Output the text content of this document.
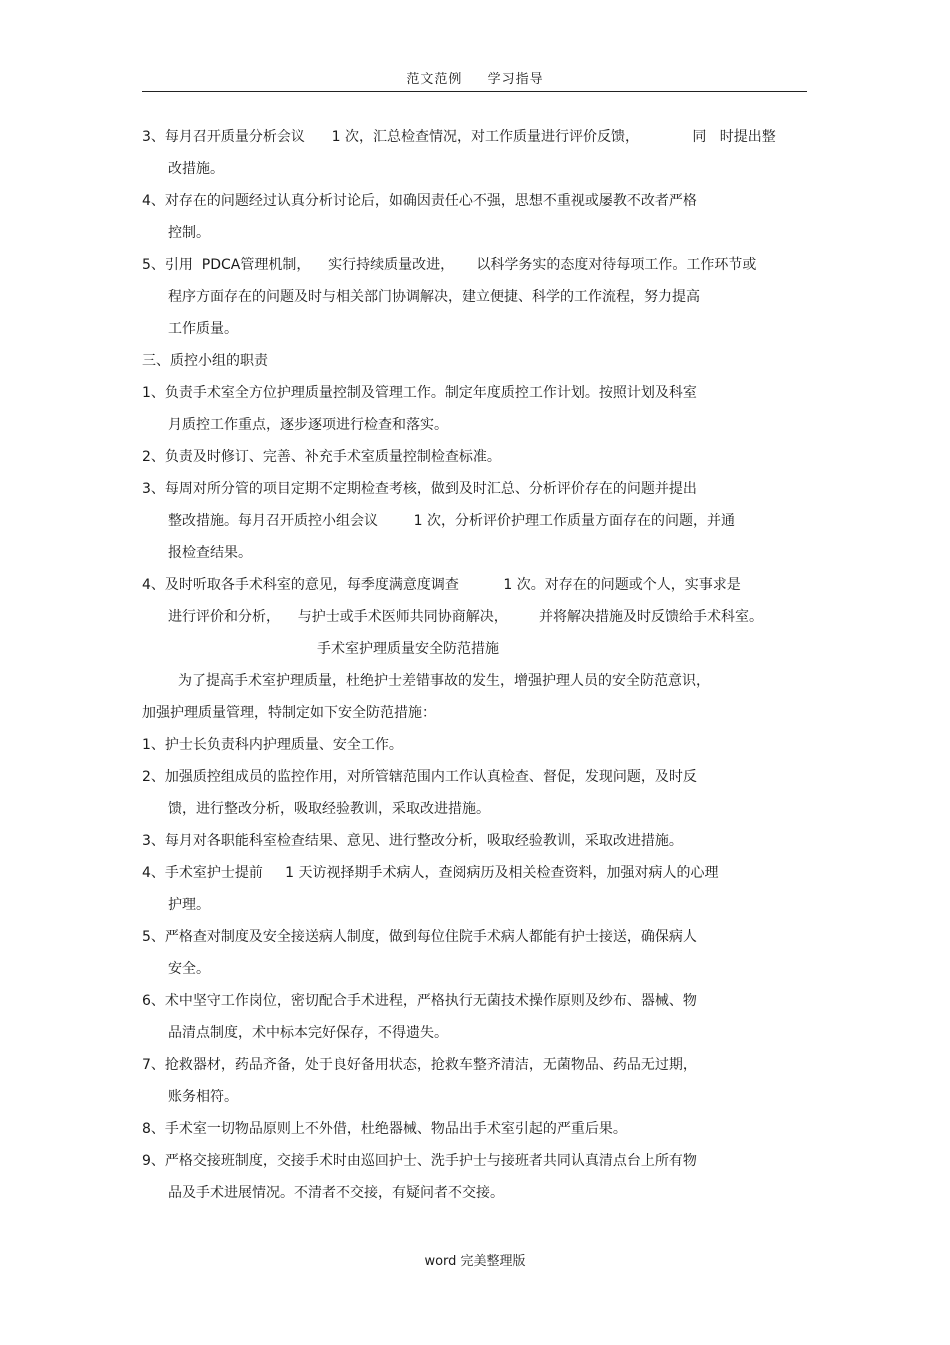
范文范例 学习指导
3、每月召开质量分析会议      1 次，汇总检查情况，对工作质量进行评价反馈，            同   时提出整
改措施。
4、对存在的问题经过认真分析讨论后，如确因责任心不强，思想不重视或屡教不改者严格
控制。
5、引用  PDCA管理机制，    实行持续质量改进，     以科学务实的态度对待每项工作。工作环节或
程序方面存在的问题及时与相关部门协调解决，建立便捷、科学的工作流程，努力提高
工作质量。
三、质控小组的职责
1、负责手术室全方位护理质量控制及管理工作。制定年度质控工作计划。按照计划及科室
月质控工作重点，逐步逐项进行检查和落实。
2、负责及时修订、完善、补充手术室质量控制检查标准。
3、每周对所分管的项目定期不定期检查考核，做到及时汇总、分析评价存在的问题并提出
整改措施。每月召开质控小组会议        1 次，分析评价护理工作质量方面存在的问题，并通
报检查结果。
4、及时听取各手术科室的意见，每季度满意度调查          1 次。对存在的问题或个人，实事求是
进行评价和分析，    与护士或手术医师共同协商解决，       并将解决措施及时反馈给手术科室。
手术室护理质量安全防范措施
为了提高手术室护理质量，杜绝护士差错事故的发生，增强护理人员的安全防范意识，
加强护理质量管理，特制定如下安全防范措施：
1、护士长负责科内护理质量、安全工作。
2、加强质控组成员的监控作用，对所管辖范围内工作认真检查、督促，发现问题，及时反
馈，进行整改分析，吸取经验教训，采取改进措施。
3、每月对各职能科室检查结果、意见、进行整改分析，吸取经验教训，采取改进措施。
4、手术室护士提前     1 天访视择期手术病人，查阅病历及相关检查资料，加强对病人的心理
护理。
5、严格查对制度及安全接送病人制度，做到每位住院手术病人都能有护士接送，确保病人
安全。
6、术中坚守工作岗位，密切配合手术进程，严格执行无菌技术操作原则及纱布、器械、物
品清点制度，术中标本完好保存，不得遗失。
7、抢救器材，药品齐备，处于良好备用状态，抢救车整齐清洁，无菌物品、药品无过期，
账务相符。
8、手术室一切物品原则上不外借，杜绝器械、物品出手术室引起的严重后果。
9、严格交接班制度，交接手术时由巡回护士、洗手护士与接班者共同认真清点台上所有物
品及手术进展情况。不清者不交接，有疑问者不交接。
word 完美整理版
